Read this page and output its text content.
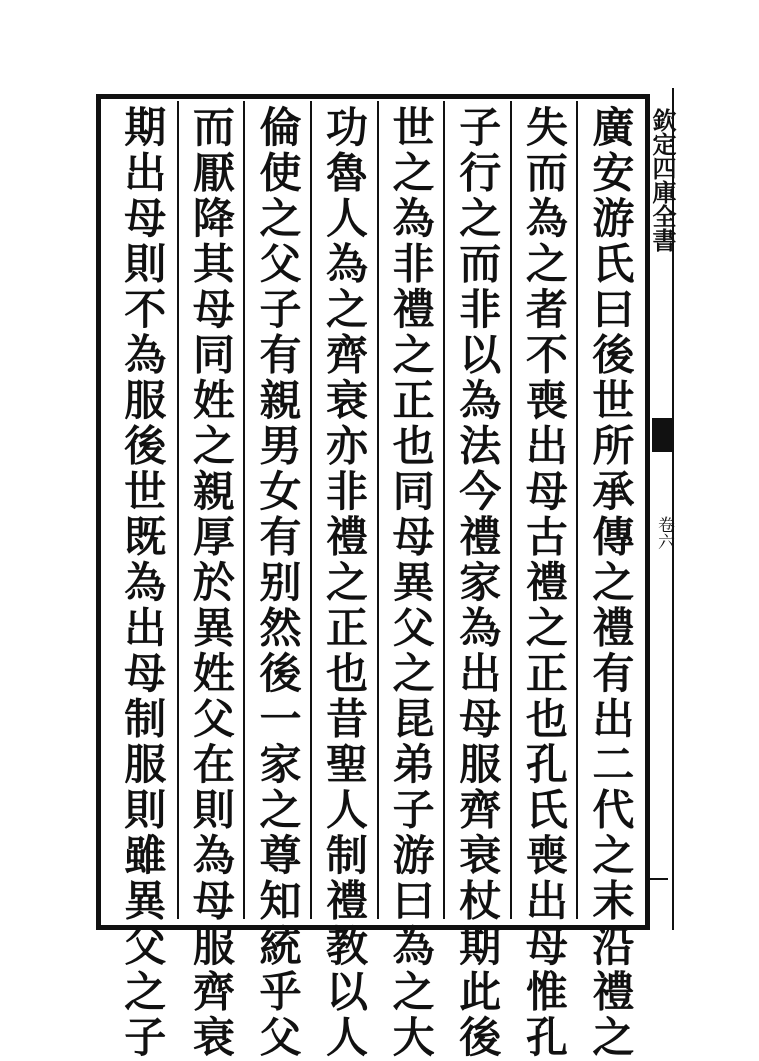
欽定四庫全書
卷六
廣安游氏曰後世所承傳之禮有出二代之末沿禮之
失而為之者不喪出母古禮之正也孔氏喪出母惟孔
子行之而非以為法今禮家為出母服齊衰杖期此後
世之為非禮之正也同母異父之昆弟子游曰為之大
功魯人為之齊衰亦非禮之正也昔聖人制禮教以人
倫使之父子有親男女有别然後一家之尊知統乎父
而厭降其母同姓之親厚於異姓父在則為母服齊衰
期出母則不為服後世既為出母制服則雖異父之子
